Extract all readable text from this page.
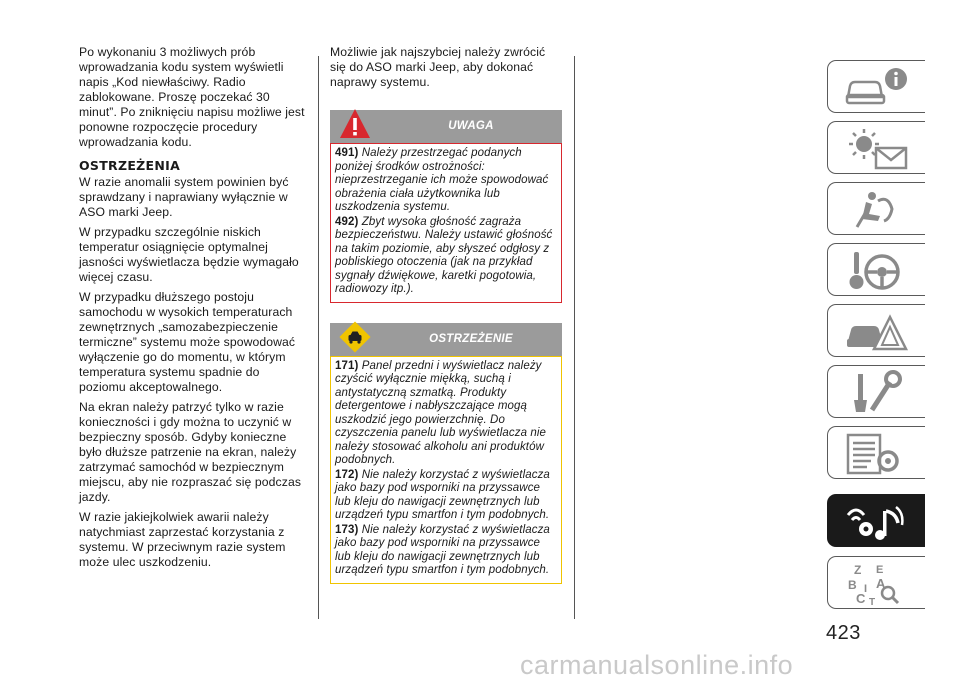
Po wykonaniu 3 możliwych prób wprowadzania kodu system wyświetli napis „Kod niewłaściwy. Radio zablokowane. Proszę poczekać 30 minut”. Po zniknięciu napisu możliwe jest ponowne rozpoczęcie procedury wprowadzania kodu.

OSTRZEŻENIA

W razie anomalii system powinien być sprawdzany i naprawiany wyłącznie w ASO marki Jeep.

W przypadku szczególnie niskich temperatur osiągnięcie optymalnej jasności wyświetlacza będzie wymagało więcej czasu.

W przypadku dłuższego postoju samochodu w wysokich temperaturach zewnętrznych „samozabezpieczenie termiczne” systemu może spowodować wyłączenie go do momentu, w którym temperatura systemu spadnie do poziomu akceptowalnego.

Na ekran należy patrzyć tylko w razie konieczności i gdy można to uczynić w bezpieczny sposób. Gdyby konieczne było dłuższe patrzenie na ekran, należy zatrzymać samochód w bezpiecznym miejscu, aby nie rozpraszać się podczas jazdy.

W razie jakiejkolwiek awarii należy natychmiast zaprzestać korzystania z systemu. W przeciwnym razie system może ulec uszkodzeniu.

Możliwie jak najszybciej należy zwrócić się do ASO marki Jeep, aby dokonać naprawy systemu.

UWAGA

491) Należy przestrzegać podanych poniżej środków ostrożności: nieprzestrzeganie ich może spowodować obrażenia ciała użytkownika lub uszkodzenia systemu.

492) Zbyt wysoka głośność zagraża bezpieczeństwu. Należy ustawić głośność na takim poziomie, aby słyszeć odgłosy z pobliskiego otoczenia (jak na przykład sygnały dźwiękowe, karetki pogotowia, radiowozy itp.).

OSTRZEŻENIE

171) Panel przedni i wyświetlacz należy czyścić wyłącznie miękką, suchą i antystatyczną szmatką. Produkty detergentowe i nabłyszczające mogą uszkodzić jego powierzchnię. Do czyszczenia panelu lub wyświetlacza nie należy stosować alkoholu ani produktów podobnych.

172) Nie należy korzystać z wyświetlacza jako bazy pod wsporniki na przyssawce lub kleju do nawigacji zewnętrznych lub urządzeń typu smartfon i tym podobnych.

173) Nie należy korzystać z wyświetlacza jako bazy pod wsporniki na przyssawce lub kleju do nawigacji zewnętrznych lub urządzeń typu smartfon i tym podobnych.	Z E
B A
C T
I
423
carmanualsonline.info
